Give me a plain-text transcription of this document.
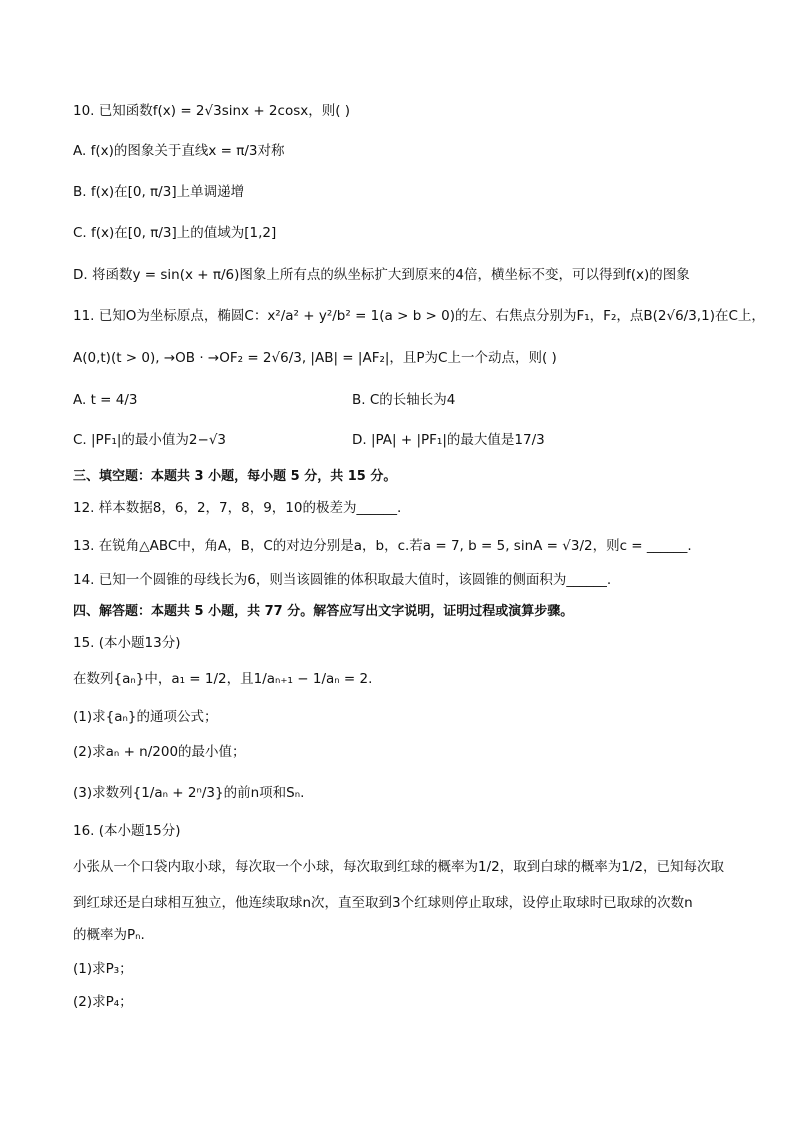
10. 已知函数f(x) = 2√3sinx + 2cosx，则( )
A. f(x)的图象关于直线x = π/3对称
B. f(x)在[0, π/3]上单调递增
C. f(x)在[0, π/3]上的值域为[1,2]
D. 将函数y = sin(x + π/6)图象上所有点的纵坐标扩大到原来的4倍，横坐标不变，可以得到f(x)的图象
11. 已知O为坐标原点，椭圆C：x²/a² + y²/b² = 1(a > b > 0)的左、右焦点分别为F₁，F₂，点B(2√6/3,1)在C上，
A(0,t)(t > 0), →OB · →OF₂ = 2√6/3, |AB| = |AF₂|，且P为C上一个动点，则( )
A. t = 4/3	B. C的长轴长为4
C. |PF₁|的最小值为2−√3	D. |PA| + |PF₁|的最大值是17/3
三、填空题：本题共 3 小题，每小题 5 分，共 15 分。
12. 样本数据8，6，2，7，8，9，10的极差为______.
13. 在锐角△ABC中，角A，B，C的对边分别是a，b，c.若a = 7, b = 5, sinA = √3/2，则c = ______.
14. 已知一个圆锥的母线长为6，则当该圆锥的体积取最大值时，该圆锥的侧面积为______.
四、解答题：本题共 5 小题，共 77 分。解答应写出文字说明，证明过程或演算步骤。
15. (本小题13分)
在数列{aₙ}中，a₁ = 1/2，且1/aₙ₊₁ − 1/aₙ = 2.
(1)求{aₙ}的通项公式；
(2)求aₙ + n/200的最小值；
(3)求数列{1/aₙ + 2ⁿ/3}的前n项和Sₙ.
16. (本小题15分)
小张从一个口袋内取小球，每次取一个小球，每次取到红球的概率为1/2，取到白球的概率为1/2，已知每次取
到红球还是白球相互独立，他连续取球n次，直至取到3个红球则停止取球，设停止取球时已取球的次数n
的概率为Pₙ.
(1)求P₃；
(2)求P₄；
